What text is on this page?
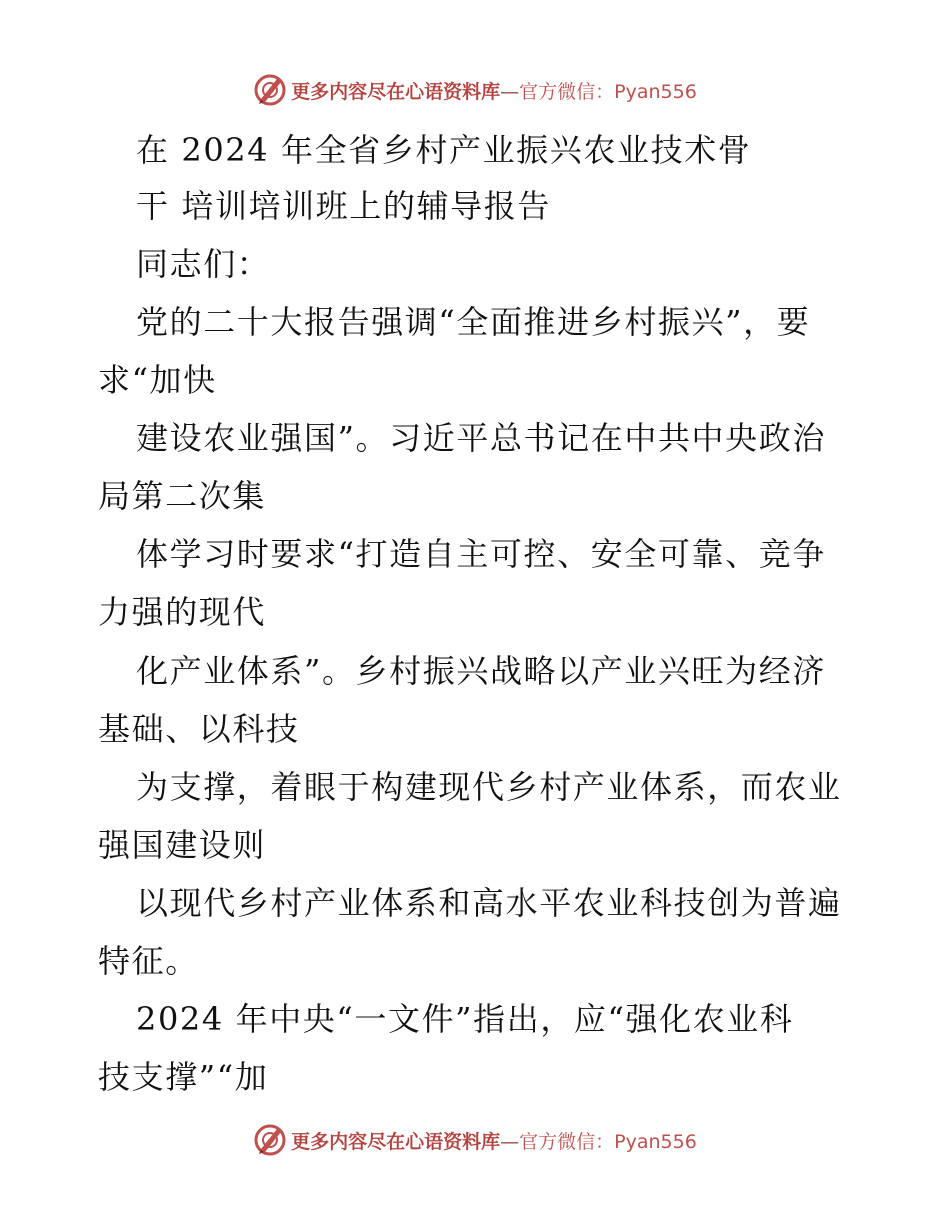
更多内容尽在心语资料库—官方微信：Pyan556
在 2024 年全省乡村产业振兴农业技术骨
干 培训培训班上的辅导报告
同志们：
党的二十大报告强调“全面推进乡村振兴”，要
求“加快
建设农业强国”。习近平总书记在中共中央政治
局第二次集
体学习时要求“打造自主可控、安全可靠、竞争
力强的现代
化产业体系”。乡村振兴战略以产业兴旺为经济
基础、以科技
为支撑，着眼于构建现代乡村产业体系，而农业
强国建设则
以现代乡村产业体系和高水平农业科技创为普遍
特征。
2024 年中央“一文件”指出，应“强化农业科
技支撑”“加
更多内容尽在心语资料库—官方微信：Pyan556
